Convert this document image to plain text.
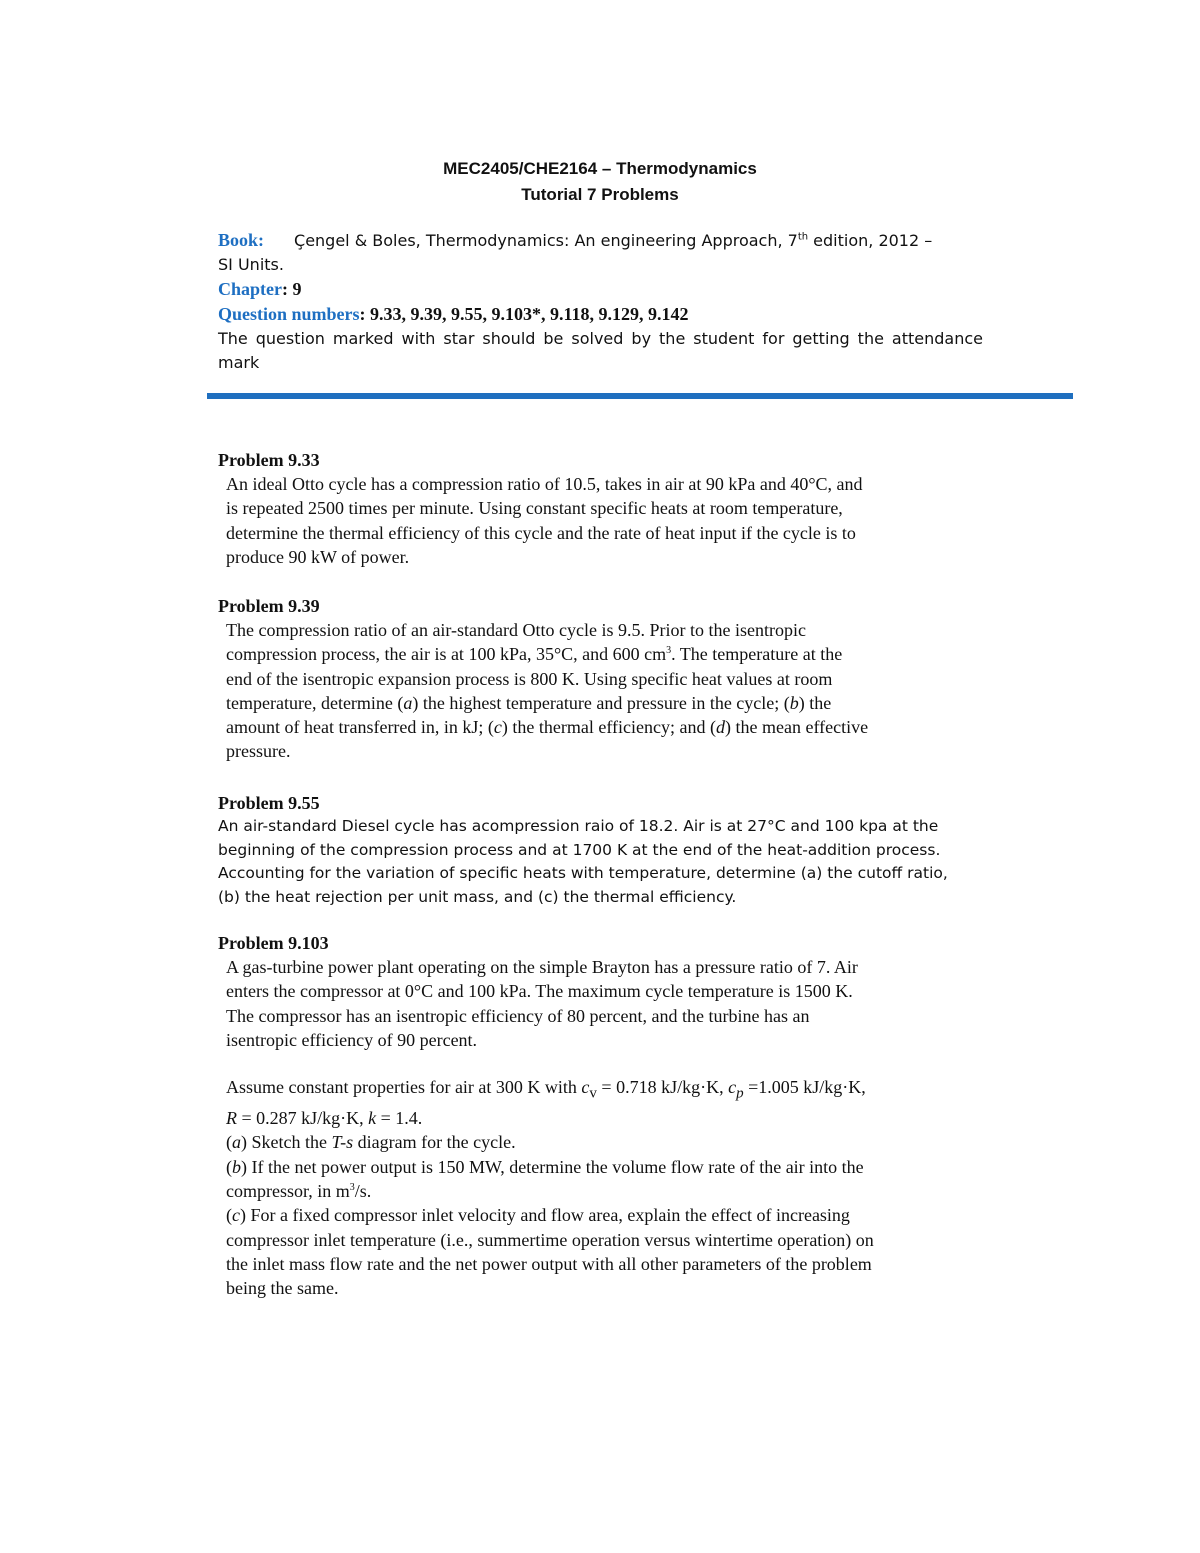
MEC2405/CHE2164 – Thermodynamics
Tutorial 7 Problems

Book: Çengel & Boles, Thermodynamics: An engineering Approach, 7th edition, 2012 –

SI Units.

Chapter: 9

Question numbers: 9.33, 9.39, 9.55, 9.103*, 9.118, 9.129, 9.142

The question marked with star should be solved by the student for getting the attendance mark

Problem 9.33

An ideal Otto cycle has a compression ratio of 10.5, takes in air at 90 kPa and 40°C, and

is repeated 2500 times per minute. Using constant specific heats at room temperature,

determine the thermal efficiency of this cycle and the rate of heat input if the cycle is to

produce 90 kW of power.

Problem 9.39

The compression ratio of an air-standard Otto cycle is 9.5. Prior to the isentropic

compression process, the air is at 100 kPa, 35°C, and 600 $cm^3$. The temperature at the

end of the isentropic expansion process is 800 K. Using specific heat values at room

temperature, determine (a) the highest temperature and pressure in the cycle; (b) the

amount of heat transferred in, in kJ; (c) the thermal efficiency; and (d) the mean effective

pressure.

Problem 9.55

An air-standard Diesel cycle has acompression raio of 18.2. Air is at 27°C and 100 kpa at the

beginning of the compression process and at 1700 K at the end of the heat-addition process.

Accounting for the variation of specific heats with temperature, determine (a) the cutoff ratio,

(b) the heat rejection per unit mass, and (c) the thermal efficiency.

Problem 9.103

A gas-turbine power plant operating on the simple Brayton has a pressure ratio of 7. Air

enters the compressor at 0°C and 100 kPa. The maximum cycle temperature is 1500 K.

The compressor has an isentropic efficiency of 80 percent, and the turbine has an

isentropic efficiency of 90 percent.

Assume constant properties for air at 300 K with $c_v = 0.718$ kJ/kg·K, $c_p =1.005$ kJ/kg·K,

R = 0.287 kJ/kg·K, k = 1.4.

(a) Sketch the T-s diagram for the cycle.

(b) If the net power output is 150 MW, determine the volume flow rate of the air into the

compressor, in $m^3/s$.

(c) For a fixed compressor inlet velocity and flow area, explain the effect of increasing

compressor inlet temperature (i.e., summertime operation versus wintertime operation) on

the inlet mass flow rate and the net power output with all other parameters of the problem

being the same.
